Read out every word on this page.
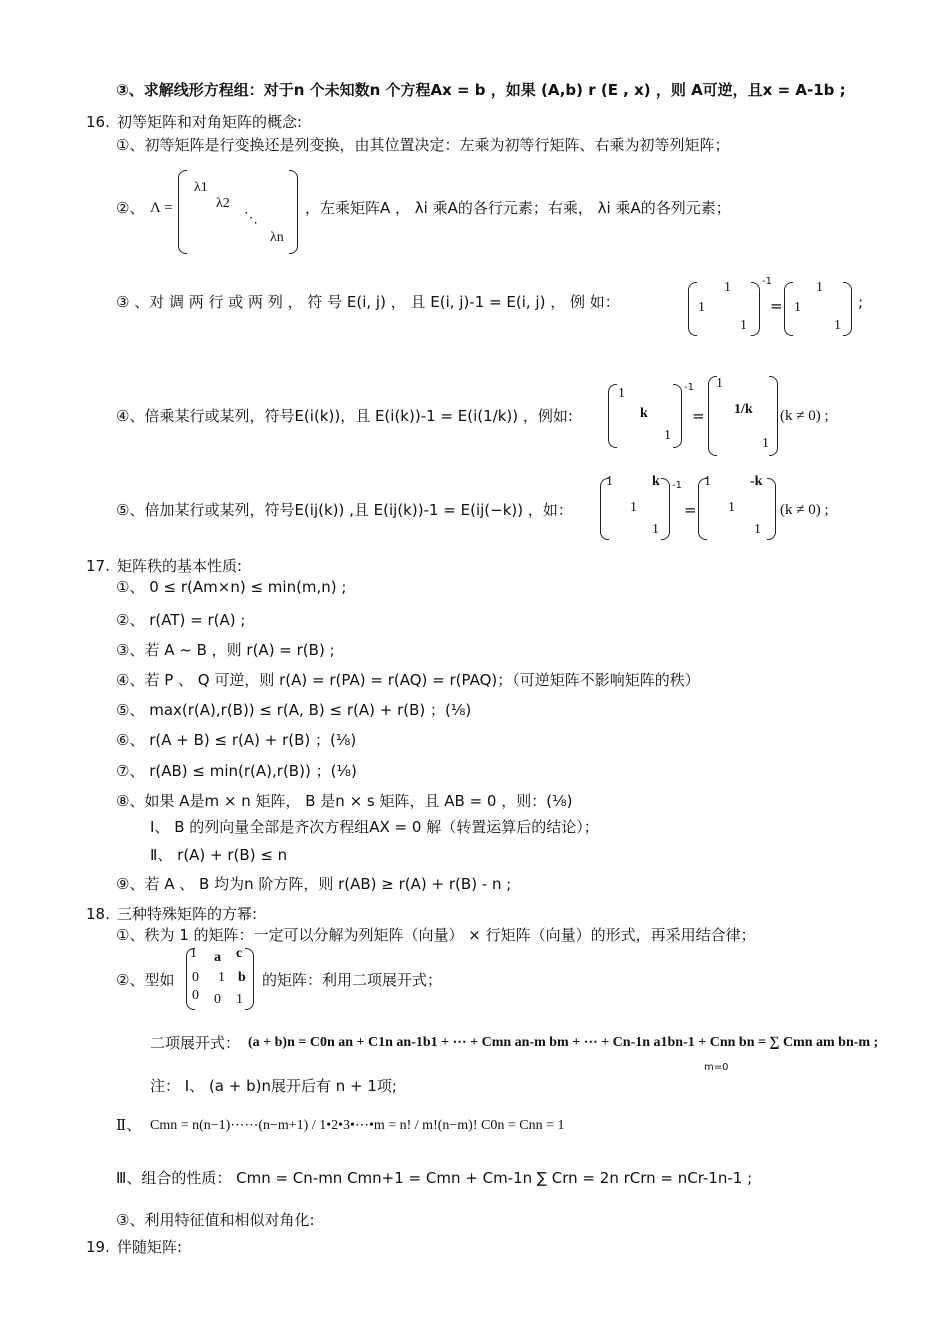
③、求解线形方程组：对于n 个未知数n 个方程Ax = b ，如果 (A,b) r (E , x) ，则 A可逆，且x = A-1b ;
16. 初等矩阵和对角矩阵的概念:
①、初等矩阵是行变换还是列变换，由其位置决定：左乘为初等行矩阵、右乘为初等列矩阵；
②、 Λ =
λ1
λ2
⋱
λn
，左乘矩阵A ， λi 乘A的各行元素；右乘， λi 乘A的各列元素；
③ 、对 调 两 行 或 两 列 ， 符 号 E(i, j) ， 且 E(i, j)-1 = E(i, j) ， 例 如：
1
1
1
-1
=
1
1
1
;
④、倍乘某行或某列，符号E(i(k))，且 E(i(k))-1 = E(i(1/k)) ，例如:
1
k
1
-1
=
1
1/k
1
(k ≠ 0) ;
⑤、倍加某行或某列，符号E(ij(k)) ,且 E(ij(k))-1 = E(ij(−k)) ，如：
1	k
1
1
-1
=
1	-k
1
1
(k ≠ 0) ;
17. 矩阵秩的基本性质:
①、 0 ≤ r(Am×n) ≤ min(m,n) ;
②、 r(AT) = r(A) ;
③、若 A ~ B ，则 r(A) = r(B) ;
④、若 P 、 Q 可逆，则 r(A) = r(PA) = r(AQ) = r(PAQ)；（可逆矩阵不影响矩阵的秩）
⑤、 max(r(A),r(B)) ≤ r(A, B) ≤ r(A) + r(B) ；(⅛)
⑥、 r(A + B) ≤ r(A) + r(B) ；(⅛)
⑦、 r(AB) ≤ min(r(A),r(B)) ；(⅛)
⑧、如果 A是m × n 矩阵， B 是n × s 矩阵，且 AB = 0 ，则：(⅛)
Ⅰ、 B 的列向量全部是齐次方程组AX = 0 解（转置运算后的结论）；
Ⅱ、 r(A) + r(B) ≤ n
⑨、若 A 、 B 均为n 阶方阵，则 r(AB) ≥ r(A) + r(B) - n ;
18. 三种特殊矩阵的方幂:
①、秩为 1 的矩阵：一定可以分解为列矩阵（向量） × 行矩阵（向量）的形式，再采用结合律；
②、型如
1 a c
0 1 b
0 0 1
的矩阵：利用二项展开式；
二项展开式： (a + b)n = C0n an + C1n an-1b1 + ⋯ + Cmn an-m bm + ⋯ + Cn-1n a1bn-1 + Cnn bn = ∑ Cmn am bn-m ;
m=0
注： Ⅰ、 (a + b)n展开后有 n + 1项;
Ⅱ、 Cmn = n(n−1)⋯⋯(n−m+1) / 1•2•3•⋯•m = n! / m!(n−m)! C0n = Cnn = 1
Ⅲ、组合的性质： Cmn = Cn-mn Cmn+1 = Cmn + Cm-1n ∑ Crn = 2n rCrn = nCr-1n-1 ;
③、利用特征值和相似对角化:
19. 伴随矩阵:
